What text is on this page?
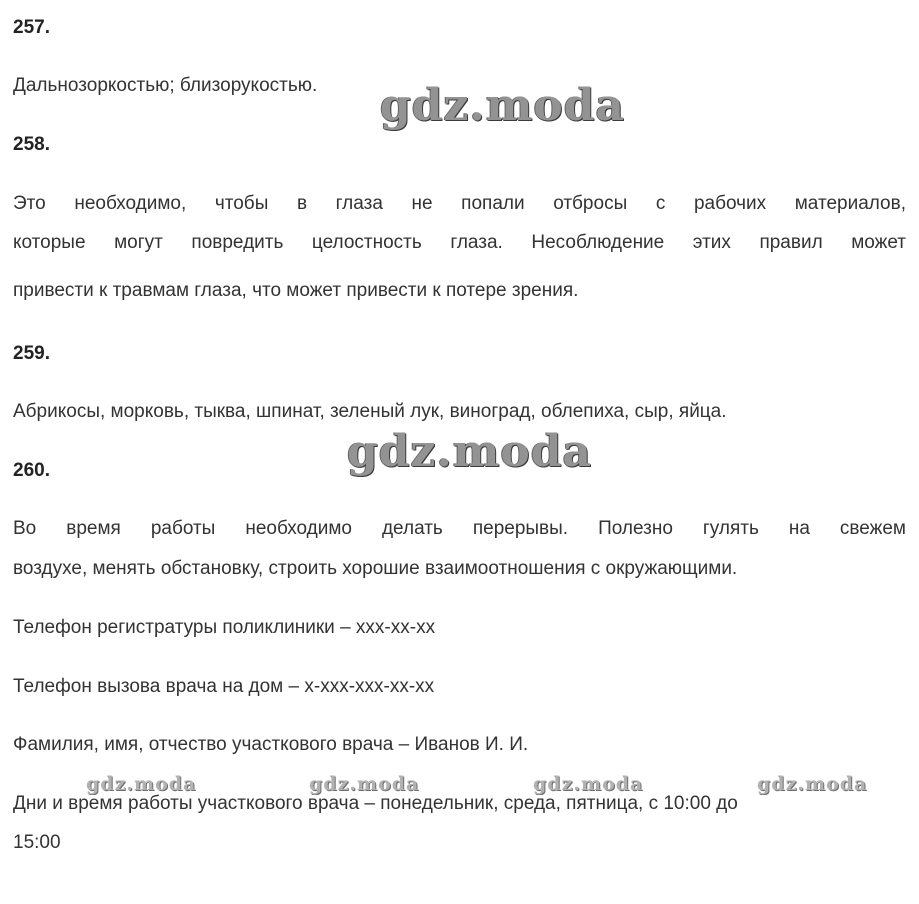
257.
Дальнозоркостью; близорукостью.
258.
Это необходимо, чтобы в глаза не попали отбросы с рабочих материалов,
которые могут повредить целостность глаза. Несоблюдение этих правил может
привести к травмам глаза, что может привести к потере зрения.
259.
Абрикосы, морковь, тыква, шпинат, зеленый лук, виноград, облепиха, сыр, яйца.
260.
Во время работы необходимо делать перерывы. Полезно гулять на свежем
воздухе, менять обстановку, строить хорошие взаимоотношения с окружающими.
Телефон регистратуры поликлиники – ххх-хх-хх
Телефон вызова врача на дом – х-ххх-ххх-хх-хх
Фамилия, имя, отчество участкового врача – Иванов И. И.
Дни и время работы участкового врача – понедельник, среда, пятница, с 10:00 до
15:00
gdz.moda
gdz.moda
gdz.moda	gdz.moda	gdz.moda	gdz.moda
